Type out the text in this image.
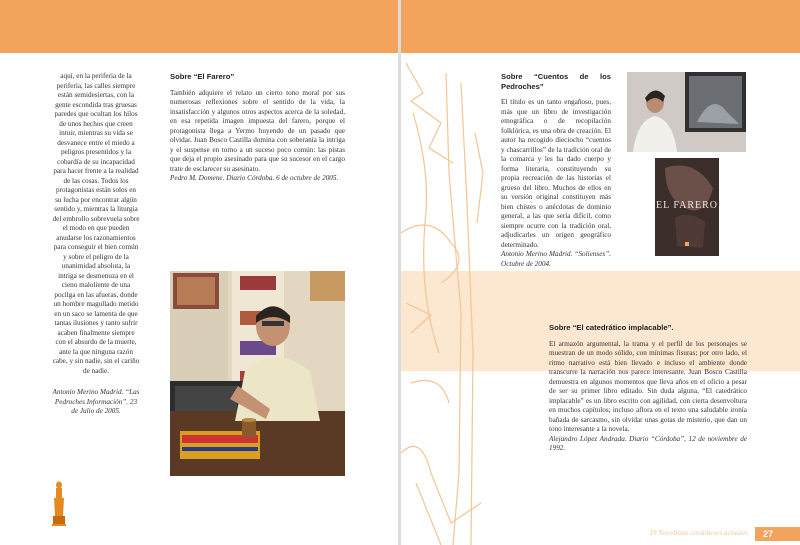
aquí, en la periferia de la periferia, las calles siempre están semidesiertas, con la gente escondida tras gruesas paredes que ocultan los hilos de unos hechos que creen intuir, mientras su vida se desvanece entre el miedo a peligros presentidos y la cobardía de su incapacidad para hacer frente a la realidad de las cosas. Todos los protagonistas están solos en su lucha por encontrar algún sentido y, mientras la liturgia del embrollo sobrevuela sobre el modo en que pueden anudarse los razonamientos para conseguir el bien común y sobre el peligro de la unanimidad absoluta, la intriga se desmenuza en el cieno maloliente de una pocilga en las afueras, donde un hombre magullado metido en un saco se lamenta de que tantas ilusiones y tanto sufrir acaben finalmente siempre con el absurdo de la muerte, ante la que ninguna razón cabe, y sin nadie, sin el cariño de nadie.

Antonio Merino Madrid. “Las Pedroches Información”. 23 de Julio de 2005.

Sobre “El Farero”

También adquiere el relato un cierto tono moral por sus numerosas reflexiones sobre el sentido de la vida, la insatisfacción y algunos otros aspectos acerca de la soledad, en esa repetida imagen impuesta del farero, porque el protagonista llega a Yermo huyendo de un pasado que olvidar. Juan Bosco Castilla domina con soberanía la intriga y el suspense en torno a un suceso poco común: las pistas que deja el propio asesinado para que su sucesor en el cargo trate de esclarecer su asesinato.

Pedro M. Domene. Diario Córdoba. 6 de octubre de 2005.

Sobre “Cuentos de los Pedroches”

El título es un tanto engañoso, pues, más que un libro de investigación etnográfica o de recopilación folklórica, es una obra de creación. El autor ha recogido dieciocho “cuentos y chascarrillos” de la tradición oral de la comarca y les ha dado cuerpo y forma literaria, constituyendo su propia recreación de las historias el grueso del libro. Muchos de ellos en su versión original constituyen más bien chistes o anécdotas de dominio general, a las que sería difícil, como siempre ocurre con la tradición oral, adjudicarles un origen geográfico determinado.

Antonio Merino Madrid. “Solienses”. Octubre de 2004.

EL FARERO
Sobre “El catedrático implacable”.

El armazón argumental, la trama y el perfil de los personajes se muestran de un modo sólido, con mínimas fisuras; por otro lado, el ritmo narrativo está bien llevado e incluso el ambiente donde transcurre la narración nos parece interesante. Juan Bosco Castilla demuestra en algunos momentos que lleva años en el oficio a pesar de ser su primer libro editado. Sin duda alguna, “El catedrático implacable” es un libro escrito con agilidad, con cierta desenvoltura en muchos capítulos; incluso aflora en el texto una saludable ironía bañada de sarcasmo, sin olvidar unas gotas de misterio, que dan un tono interesante a la novela.

Alejandro López Andrada. Diario “Córdoba”, 12 de noviembre de 1992.

19 Novelistas cordobeses actuales	27
